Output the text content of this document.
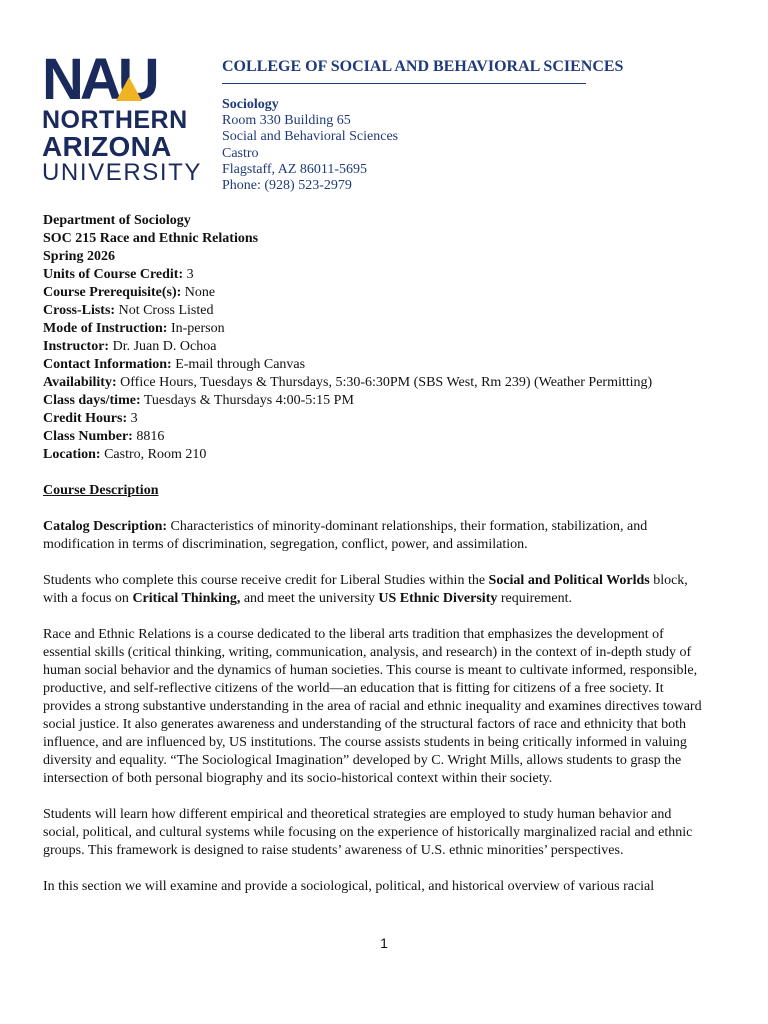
NAU
NORTHERN
ARIZONA
UNIVERSITY
COLLEGE OF SOCIAL AND BEHAVIORAL SCIENCES
Sociology
Room 330 Building 65
Social and Behavioral Sciences
Castro
Flagstaff, AZ 86011-5695
Phone: (928) 523-2979

Department of Sociology

SOC 215 Race and Ethnic Relations

Spring 2026

Units of Course Credit: 3

Course Prerequisite(s): None

Cross-Lists: Not Cross Listed

Mode of Instruction: In-person

Instructor: Dr. Juan D. Ochoa

Contact Information: E-mail through Canvas

Availability: Office Hours, Tuesdays & Thursdays, 5:30-6:30PM (SBS West, Rm 239) (Weather Permitting)

Class days/time: Tuesdays & Thursdays 4:00-5:15 PM

Credit Hours: 3

Class Number: 8816

Location: Castro, Room 210

Course Description

Catalog Description: Characteristics of minority-dominant relationships, their formation, stabilization, and modification in terms of discrimination, segregation, conflict, power, and assimilation.

Students who complete this course receive credit for Liberal Studies within the Social and Political Worlds block, with a focus on Critical Thinking, and meet the university US Ethnic Diversity requirement.

Race and Ethnic Relations is a course dedicated to the liberal arts tradition that emphasizes the development of essential skills (critical thinking, writing, communication, analysis, and research) in the context of in-depth study of human social behavior and the dynamics of human societies. This course is meant to cultivate informed, responsible, productive, and self-reflective citizens of the world—an education that is fitting for citizens of a free society. It provides a strong substantive understanding in the area of racial and ethnic inequality and examines directives toward social justice. It also generates awareness and understanding of the structural factors of race and ethnicity that both influence, and are influenced by, US institutions. The course assists students in being critically informed in valuing diversity and equality. “The Sociological Imagination” developed by C. Wright Mills, allows students to grasp the intersection of both personal biography and its socio-historical context within their society.

Students will learn how different empirical and theoretical strategies are employed to study human behavior and social, political, and cultural systems while focusing on the experience of historically marginalized racial and ethnic groups. This framework is designed to raise students’ awareness of U.S. ethnic minorities’ perspectives.

In this section we will examine and provide a sociological, political, and historical overview of various racial

1
